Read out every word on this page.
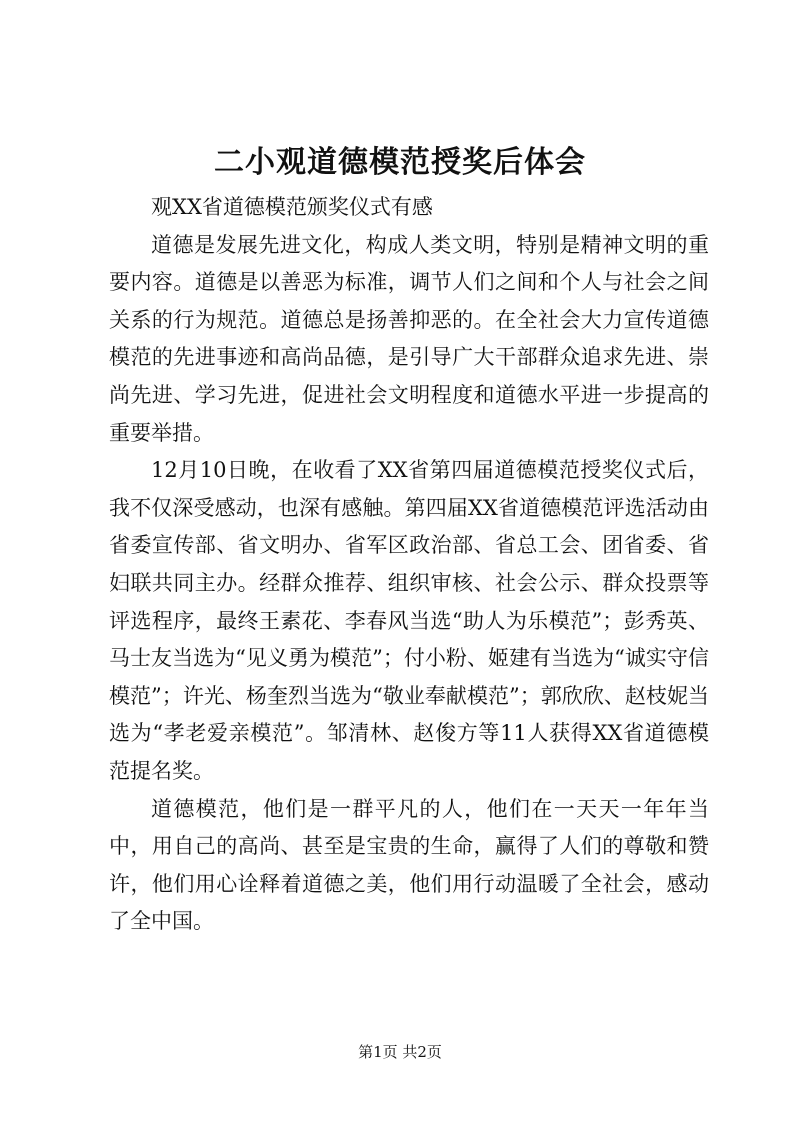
二小观道德模范授奖后体会

观XX省道德模范颁奖仪式有感

道德是发展先进文化，构成人类文明，特别是精神文明的重要内容。道德是以善恶为标准，调节人们之间和个人与社会之间关系的行为规范。道德总是扬善抑恶的。在全社会大力宣传道德模范的先进事迹和高尚品德，是引导广大干部群众追求先进、崇尚先进、学习先进，促进社会文明程度和道德水平进一步提高的重要举措。

12月10日晚，在收看了XX省第四届道德模范授奖仪式后，我不仅深受感动，也深有感触。第四届XX省道德模范评选活动由省委宣传部、省文明办、省军区政治部、省总工会、团省委、省妇联共同主办。经群众推荐、组织审核、社会公示、群众投票等评选程序，最终王素花、李春风当选“助人为乐模范”；彭秀英、马士友当选为“见义勇为模范”；付小粉、姬建有当选为“诚实守信模范”；许光、杨奎烈当选为“敬业奉献模范”；郭欣欣、赵枝妮当选为“孝老爱亲模范”。邹清林、赵俊方等11人获得XX省道德模范提名奖。

道德模范，他们是一群平凡的人，他们在一天天一年年当中，用自己的高尚、甚至是宝贵的生命，赢得了人们的尊敬和赞许，他们用心诠释着道德之美，他们用行动温暖了全社会，感动了全中国。

第1页 共2页
